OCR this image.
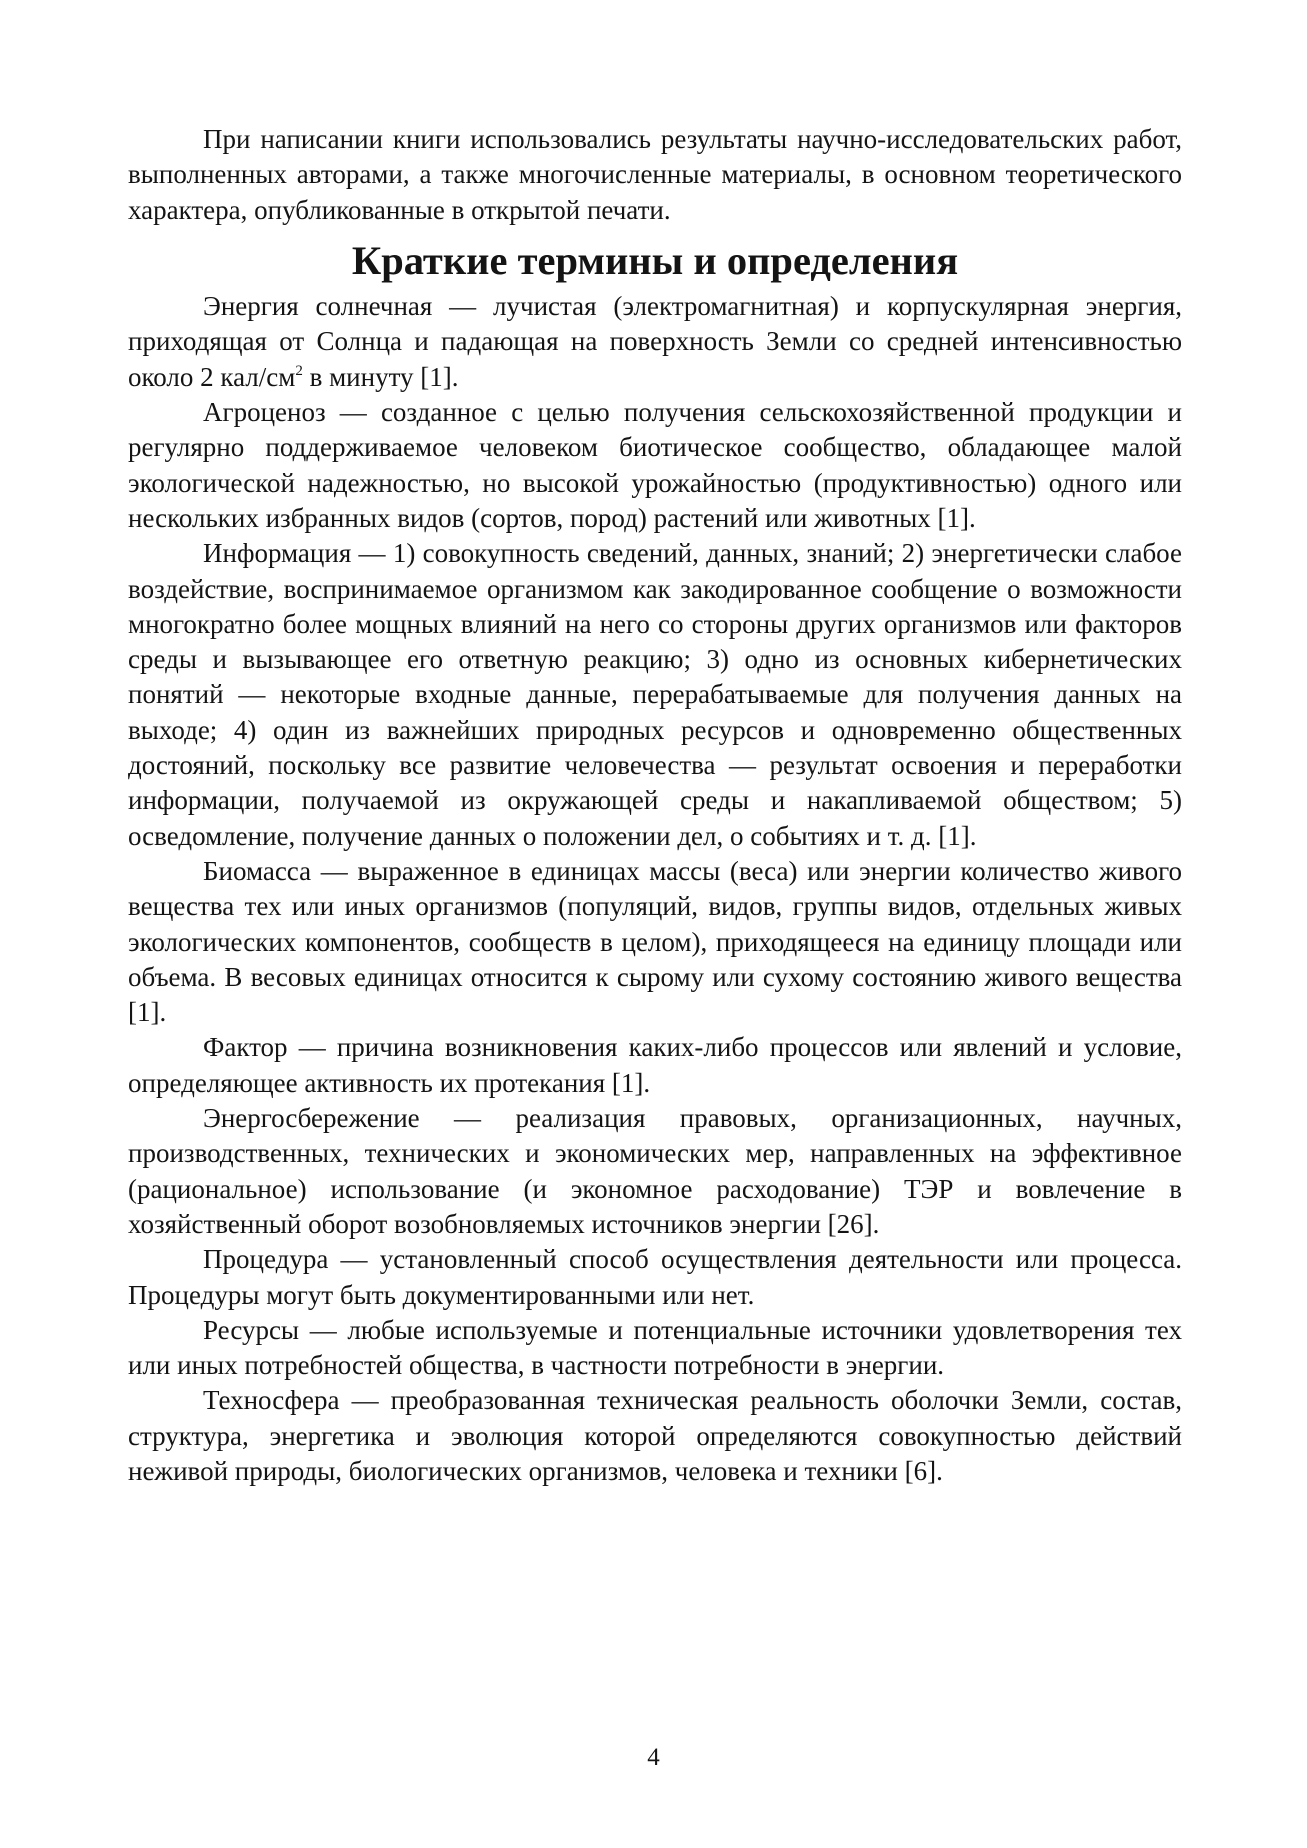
При написании книги использовались результаты научно-исследовательских работ, выполненных авторами, а также многочисленные материалы, в основном теоретического характера, опубликованные в открытой печати.

Краткие термины и определения

Энергия солнечная — лучистая (электромагнитная) и корпускулярная энергия, приходящая от Солнца и падающая на поверхность Земли со средней интенсивностью около 2 кал/$см^2$ в минуту [1].

Агроценоз — созданное с целью получения сельскохозяйственной продукции и регулярно поддерживаемое человеком биотическое сообщество, обладающее малой экологической надежностью, но высокой урожайностью (продуктивностью) одного или нескольких избранных видов (сортов, пород) растений или животных [1].

Информация — 1) совокупность сведений, данных, знаний; 2) энергетически слабое воздействие, воспринимаемое организмом как закодированное сообщение о возможности многократно более мощных влияний на него со стороны других организмов или факторов среды и вызывающее его ответную реакцию; 3) одно из основных кибернетических понятий — некоторые входные данные, перерабатываемые для получения данных на выходе; 4) один из важнейших природных ресурсов и одновременно общественных достояний, поскольку все развитие человечества — результат освоения и переработки информации, получаемой из окружающей среды и накапливаемой обществом; 5) осведомление, получение данных о положении дел, о событиях и т. д. [1].

Биомасса — выраженное в единицах массы (веса) или энергии количество живого вещества тех или иных организмов (популяций, видов, группы видов, отдельных живых экологических компонентов, сообществ в целом), приходящееся на единицу площади или объема. В весовых единицах относится к сырому или сухому состоянию живого вещества [1].

Фактор — причина возникновения каких-либо процессов или явлений и условие, определяющее активность их протекания [1].

Энергосбережение — реализация правовых, организационных, научных, производственных, технических и экономических мер, направленных на эффективное (рациональное) использование (и экономное расходование) ТЭР и вовлечение в хозяйственный оборот возобновляемых источников энергии [26].

Процедура — установленный способ осуществления деятельности или процесса. Процедуры могут быть документированными или нет.

Ресурсы — любые используемые и потенциальные источники удовлетворения тех или иных потребностей общества, в частности потребности в энергии.

Техносфера — преобразованная техническая реальность оболочки Земли, состав, структура, энергетика и эволюция которой определяются совокупностью действий неживой природы, биологических организмов, человека и техники [6].

4
